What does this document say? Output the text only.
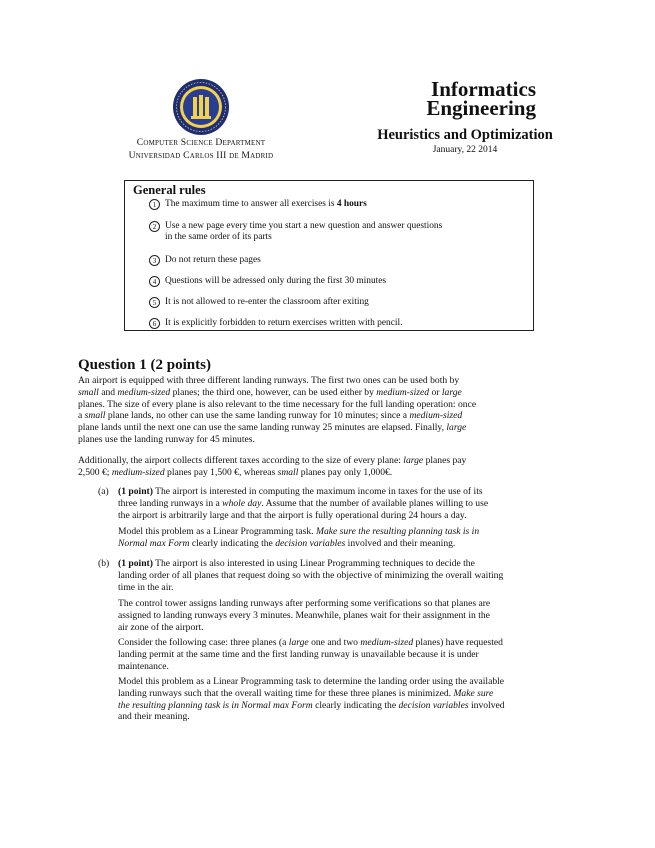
Computer Science Department
Universidad Carlos III de Madrid
Informatics
Engineering
Heuristics and Optimization
January, 22 2014
General rules
1 The maximum time to answer all exercises is 4 hours
2 Use a new page every time you start a new question and answer questions
in the same order of its parts
3 Do not return these pages
4 Questions will be adressed only during the first 30 minutes
5 It is not allowed to re-enter the classroom after exiting
6 It is explicitly forbidden to return exercises written with pencil.
Question 1 (2 points)
An airport is equipped with three different landing runways. The first two ones can be used both by
small and medium-sized planes; the third one, however, can be used either by medium-sized or large
planes. The size of every plane is also relevant to the time necessary for the full landing operation: once
a small plane lands, no other can use the same landing runway for 10 minutes; since a medium-sized
plane lands until the next one can use the same landing runway 25 minutes are elapsed. Finally, large
planes use the landing runway for 45 minutes.
Additionally, the airport collects different taxes according to the size of every plane: large planes pay
2,500 €; medium-sized planes pay 1,500 €, whereas small planes pay only 1,000€.
(a) (1 point) The airport is interested in computing the maximum income in taxes for the use of its
three landing runways in a whole day. Assume that the number of available planes willing to use
the airport is arbitrarily large and that the airport is fully operational during 24 hours a day.
Model this problem as a Linear Programming task. Make sure the resulting planning task is in
Normal max Form clearly indicating the decision variables involved and their meaning.
(b) (1 point) The airport is also interested in using Linear Programming techniques to decide the
landing order of all planes that request doing so with the objective of minimizing the overall waiting
time in the air.
The control tower assigns landing runways after performing some verifications so that planes are
assigned to landing runways every 3 minutes. Meanwhile, planes wait for their assignment in the
air zone of the airport.
Consider the following case: three planes (a large one and two medium-sized planes) have requested
landing permit at the same time and the first landing runway is unavailable because it is under
maintenance.
Model this problem as a Linear Programming task to determine the landing order using the available
landing runways such that the overall waiting time for these three planes is minimized. Make sure
the resulting planning task is in Normal max Form clearly indicating the decision variables involved
and their meaning.
